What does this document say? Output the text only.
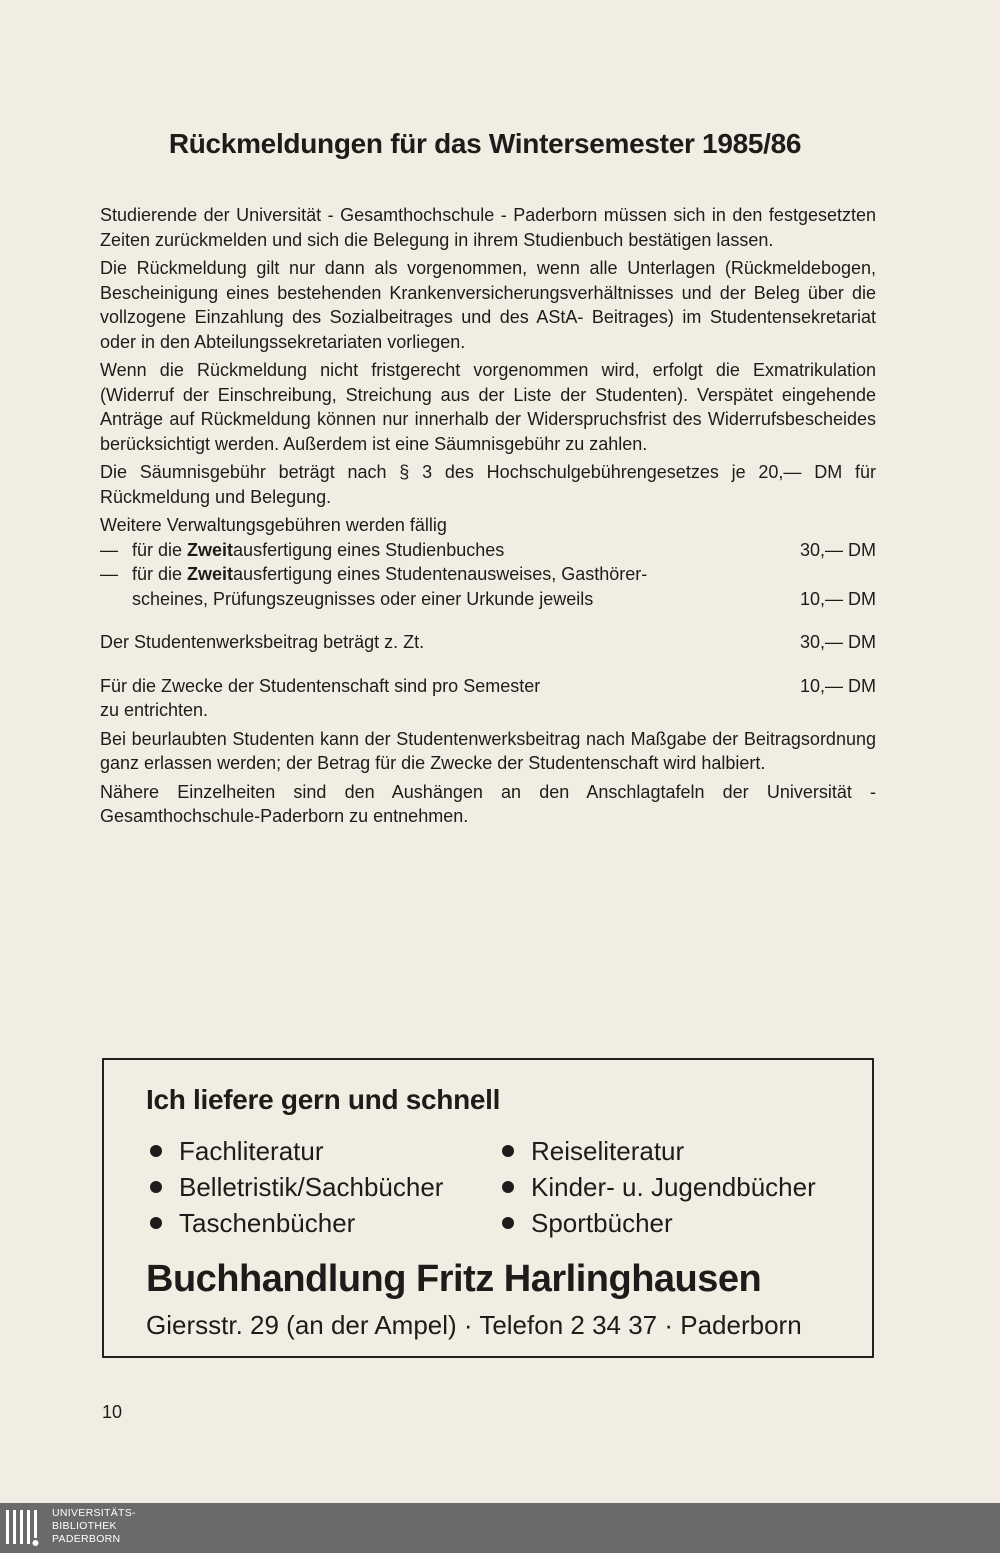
Rückmeldungen für das Wintersemester 1985/86

Studierende der Universität - Gesamthochschule - Paderborn müssen sich in den festgesetzten Zeiten zurückmelden und sich die Belegung in ihrem Studienbuch bestätigen lassen.

Die Rückmeldung gilt nur dann als vorgenommen, wenn alle Unterlagen (Rückmeldebogen, Bescheinigung eines bestehenden Krankenversicherungsverhältnisses und der Beleg über die vollzogene Einzahlung des Sozialbeitrages und des AStA- Beitrages) im Studentensekretariat oder in den Abteilungssekretariaten vorliegen.

Wenn die Rückmeldung nicht fristgerecht vorgenommen wird, erfolgt die Exmatrikulation (Widerruf der Einschreibung, Streichung aus der Liste der Studenten). Verspätet eingehende Anträge auf Rückmeldung können nur innerhalb der Widerspruchsfrist des Widerrufsbescheides berücksichtigt werden. Außerdem ist eine Säumnisgebühr zu zahlen.

Die Säumnisgebühr beträgt nach § 3 des Hochschulgebührengesetzes je 20,— DM für Rückmeldung und Belegung.

Weitere Verwaltungsgebühren werden fällig
— für die Zweitausfertigung eines Studienbuches	30,— DM
— für die Zweitausfertigung eines Studentenausweises, Gasthörer-
scheines, Prüfungszeugnisses oder einer Urkunde jeweils	10,— DM
Der Studentenwerksbeitrag beträgt z. Zt.	30,— DM
Für die Zwecke der Studentenschaft sind pro Semester	10,— DM

zu entrichten.

Bei beurlaubten Studenten kann der Studentenwerksbeitrag nach Maßgabe der Beitragsordnung ganz erlassen werden; der Betrag für die Zwecke der Studentenschaft wird halbiert.

Nähere Einzelheiten sind den Aushängen an den Anschlagtafeln der Universität - Gesamthochschule-Paderborn zu entnehmen.

Ich liefere gern und schnell
Fachliteratur	Reiseliteratur
Belletristik/Sachbücher	Kinder- u. Jugendbücher
Taschenbücher	Sportbücher
Buchhandlung Fritz Harlinghausen
Giersstr. 29 (an der Ampel) · Telefon 2 34 37 · Paderborn
10
UNIVERSITÄTS-
BIBLIOTHEK
PADERBORN
